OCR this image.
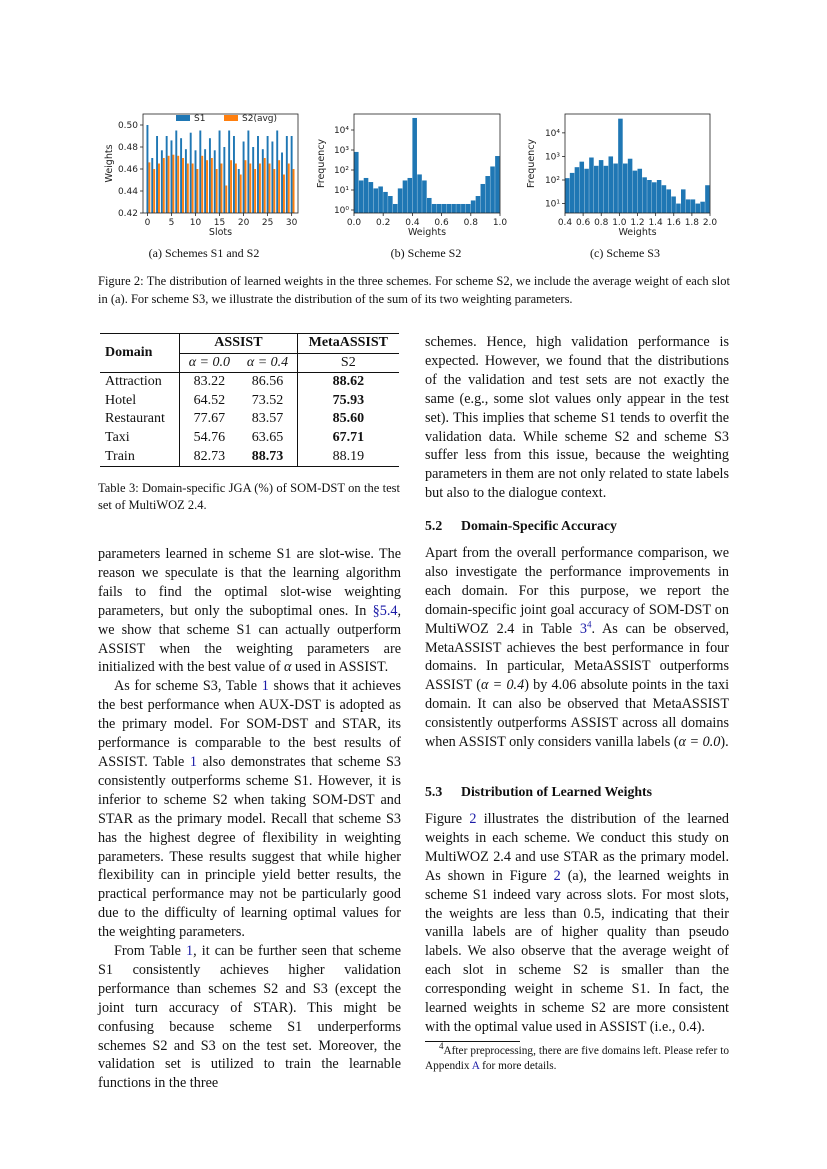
S1	S2(avg)
0.42
0.44
0.46
0.48
0.50
0 5 10 15 20 25 30
Slots
Weights
10⁰
10¹
10²
10³
10⁴
0.0 0.2 0.4 0.6 0.8 1.0
Weights
Frequency
10¹
10²
10³
10⁴
0.4 0.6 0.8 1.0 1.2 1.4 1.6 1.8 2.0
Weights
Frequency
(a) Schemes S1 and S2	(b) Scheme S2	(c) Scheme S3
Figure 2: The distribution of learned weights in the three schemes. For scheme S2, we include the average weight of each slot in (a). For scheme S3, we illustrate the distribution of the sum of its two weighting parameters.
Domain	ASSIST		MetaASSIST
	α = 0.0	α = 0.4	S2
Attraction	83.22	86.56	88.62
Hotel	64.52	73.52	75.93
Restaurant	77.67	83.57	85.60
Taxi	54.76	63.65	67.71
Train	82.73	88.73	88.19
Table 3: Domain-specific JGA (%) of SOM-DST on the test set of MultiWOZ 2.4.

parameters learned in scheme S1 are slot-wise. The reason we speculate is that the learning algorithm fails to find the optimal slot-wise weighting parameters, but only the suboptimal ones. In §5.4, we show that scheme S1 can actually outperform ASSIST when the weighting parameters are initialized with the best value of α used in ASSIST.

As for scheme S3, Table 1 shows that it achieves the best performance when AUX-DST is adopted as the primary model. For SOM-DST and STAR, its performance is comparable to the best results of ASSIST. Table 1 also demonstrates that scheme S3 consistently outperforms scheme S1. However, it is inferior to scheme S2 when taking SOM-DST and STAR as the primary model. Recall that scheme S3 has the highest degree of flexibility in weighting parameters. These results suggest that while higher flexibility can in principle yield better results, the practical performance may not be particularly good due to the difficulty of learning optimal values for the weighting parameters.

From Table 1, it can be further seen that scheme S1 consistently achieves higher validation performance than schemes S2 and S3 (except the joint turn accuracy of STAR). This might be confusing because scheme S1 underperforms schemes S2 and S3 on the test set. Moreover, the validation set is utilized to train the learnable functions in the three

schemes. Hence, high validation performance is expected. However, we found that the distributions of the validation and test sets are not exactly the same (e.g., some slot values only appear in the test set). This implies that scheme S1 tends to overfit the validation data. While scheme S2 and scheme S3 suffer less from this issue, because the weighting parameters in them are not only related to state labels but also to the dialogue context.

5.2 Domain-Specific Accuracy

Apart from the overall performance comparison, we also investigate the performance improvements in each domain. For this purpose, we report the domain-specific joint goal accuracy of SOM-DST on MultiWOZ 2.4 in Table 3$^4$. As can be observed, MetaASSIST achieves the best performance in four domains. In particular, MetaASSIST outperforms ASSIST (α = 0.4) by 4.06 absolute points in the taxi domain. It can also be observed that MetaASSIST consistently outperforms ASSIST across all domains when ASSIST only considers vanilla labels (α = 0.0).

5.3 Distribution of Learned Weights

Figure 2 illustrates the distribution of the learned weights in each scheme. We conduct this study on MultiWOZ 2.4 and use STAR as the primary model. As shown in Figure 2 (a), the learned weights in scheme S1 indeed vary across slots. For most slots, the weights are less than 0.5, indicating that their vanilla labels are of higher quality than pseudo labels. We also observe that the average weight of each slot in scheme S2 is smaller than the corresponding weight in scheme S1. In fact, the learned weights in scheme S2 are more consistent with the optimal value used in ASSIST (i.e., 0.4).

$^4$After preprocessing, there are five domains left. Please refer to Appendix A for more details.
